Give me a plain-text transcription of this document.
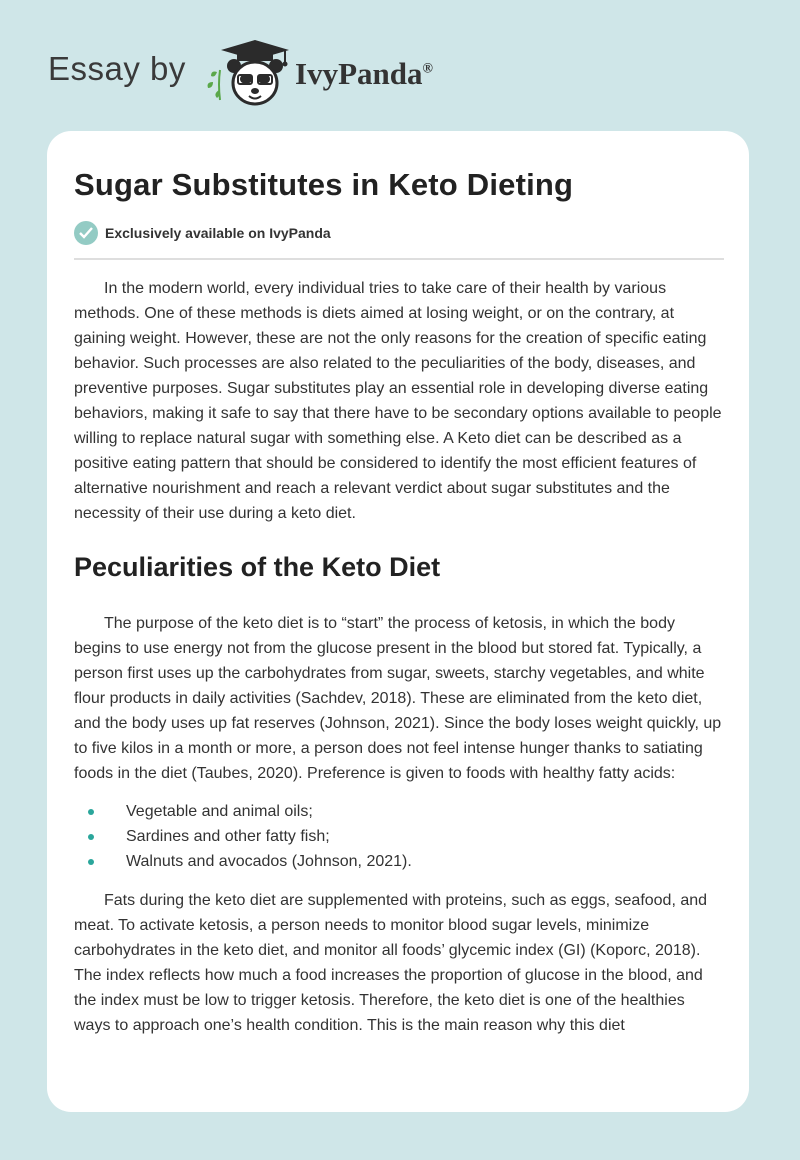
Essay by	IvyPanda®
Sugar Substitutes in Keto Dieting
Exclusively available on IvyPanda

In the modern world, every individual tries to take care of their health by various methods. One of these methods is diets aimed at losing weight, or on the contrary, at gaining weight. However, these are not the only reasons for the creation of specific eating behavior. Such processes are also related to the peculiarities of the body, diseases, and preventive purposes. Sugar substitutes play an essential role in developing diverse eating behaviors, making it safe to say that there have to be secondary options available to people willing to replace natural sugar with something else. A Keto diet can be described as a positive eating pattern that should be considered to identify the most efficient features of alternative nourishment and reach a relevant verdict about sugar substitutes and the necessity of their use during a keto diet.

Peculiarities of the Keto Diet

The purpose of the keto diet is to “start” the process of ketosis, in which the body begins to use energy not from the glucose present in the blood but stored fat. Typically, a person first uses up the carbohydrates from sugar, sweets, starchy vegetables, and white flour products in daily activities (Sachdev, 2018). These are eliminated from the keto diet, and the body uses up fat reserves (Johnson, 2021). Since the body loses weight quickly, up to five kilos in a month or more, a person does not feel intense hunger thanks to satiating foods in the diet (Taubes, 2020). Preference is given to foods with healthy fatty acids:

Vegetable and animal oils;
Sardines and other fatty fish;
Walnuts and avocados (Johnson, 2021).

Fats during the keto diet are supplemented with proteins, such as eggs, seafood, and meat. To activate ketosis, a person needs to monitor blood sugar levels, minimize carbohydrates in the keto diet, and monitor all foods’ glycemic index (GI) (Koporc, 2018). The index reflects how much a food increases the proportion of glucose in the blood, and the index must be low to trigger ketosis. Therefore, the keto diet is one of the healthies ways to approach one’s health condition. This is the main reason why this diet
